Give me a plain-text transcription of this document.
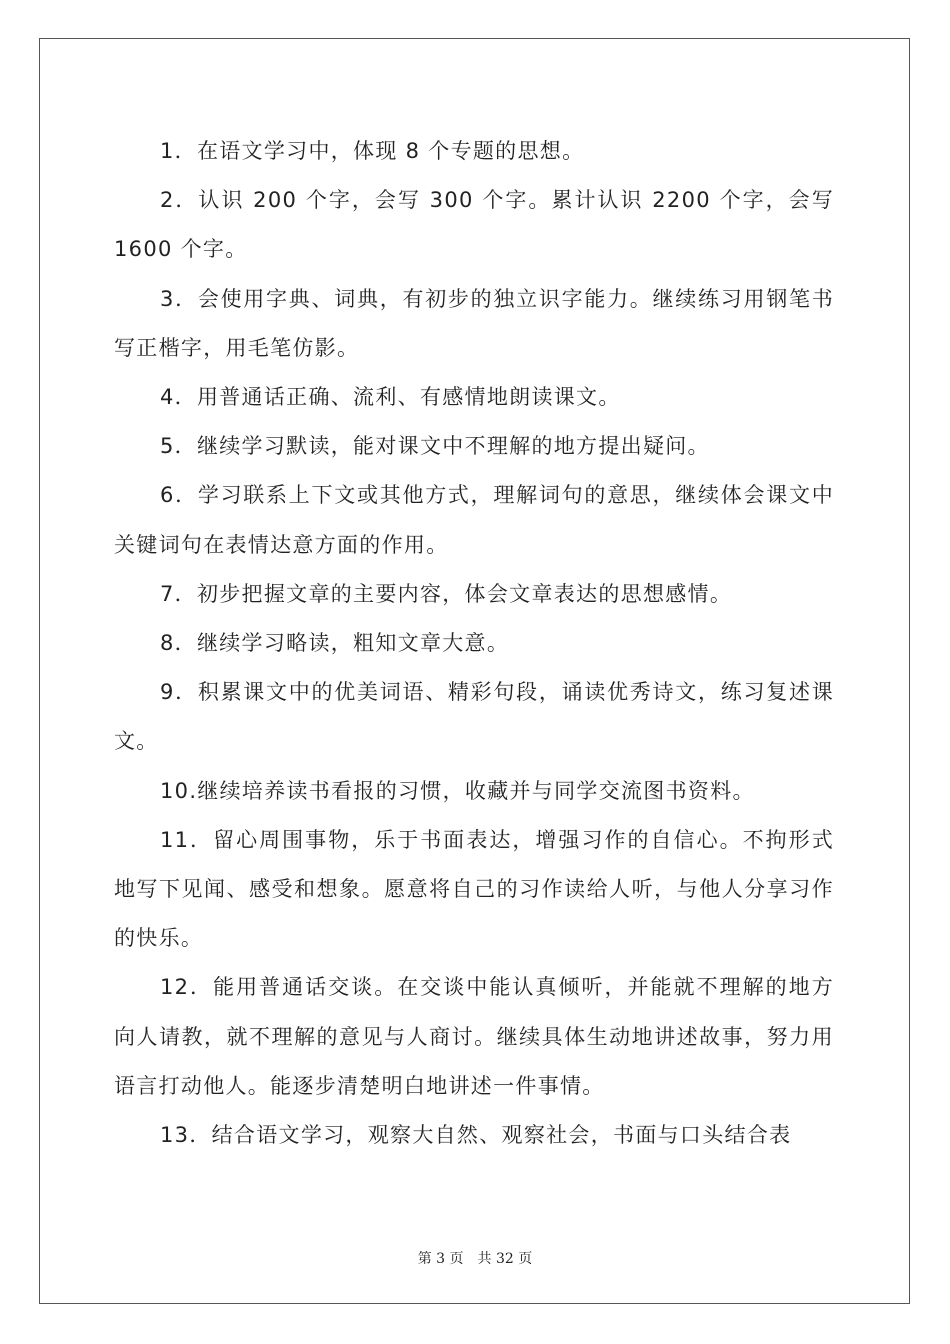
1．在语文学习中，体现 8 个专题的思想。

2．认识 200 个字，会写 300 个字。累计认识 2200 个字，会写 1600 个字。

3．会使用字典、词典，有初步的独立识字能力。继续练习用钢笔书写正楷字，用毛笔仿影。

4．用普通话正确、流利、有感情地朗读课文。

5．继续学习默读，能对课文中不理解的地方提出疑问。

6．学习联系上下文或其他方式，理解词句的意思，继续体会课文中关键词句在表情达意方面的作用。

7．初步把握文章的主要内容，体会文章表达的思想感情。

8．继续学习略读，粗知文章大意。

9．积累课文中的优美词语、精彩句段，诵读优秀诗文，练习复述课文。

10.继续培养读书看报的习惯，收藏并与同学交流图书资料。

11．留心周围事物，乐于书面表达，增强习作的自信心。不拘形式地写下见闻、感受和想象。愿意将自己的习作读给人听，与他人分享习作的快乐。

12．能用普通话交谈。在交谈中能认真倾听，并能就不理解的地方向人请教，就不理解的意见与人商讨。继续具体生动地讲述故事，努力用语言打动他人。能逐步清楚明白地讲述一件事情。

13．结合语文学习，观察大自然、观察社会，书面与口头结合表

第 3 页 共 32 页
